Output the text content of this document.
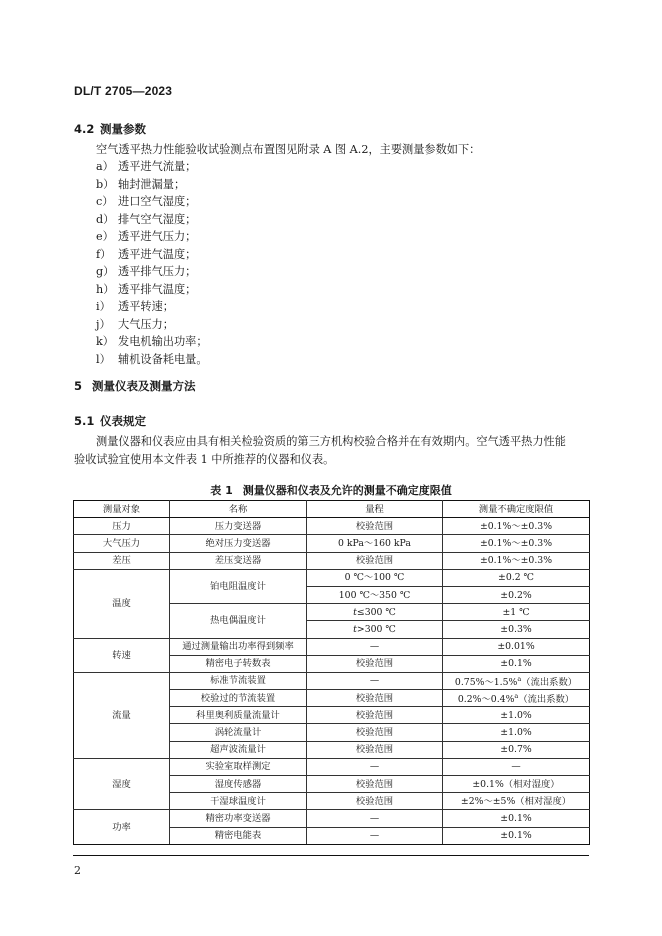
DL/T 2705—2023
4.2 测量参数
空气透平热力性能验收试验测点布置图见附录 A 图 A.2，主要测量参数如下：
a） 透平进气流量；
b） 轴封泄漏量；
c） 进口空气湿度；
d） 排气空气湿度；
e） 透平进气压力；
f） 透平进气温度；
g） 透平排气压力；
h） 透平排气温度；
i） 透平转速；
j） 大气压力；
k） 发电机输出功率；
l） 辅机设备耗电量。
5 测量仪表及测量方法
5.1 仪表规定
测量仪器和仪表应由具有相关检验资质的第三方机构校验合格并在有效期内。空气透平热力性能
验收试验宜使用本文件表 1 中所推荐的仪器和仪表。
表 1 测量仪器和仪表及允许的测量不确定度限值
测量对象	名称	量程	测量不确定度限值
压力	压力变送器	校验范围	±0.1%～±0.3%
大气压力	绝对压力变送器	0 kPa～160 kPa	±0.1%～±0.3%
差压	差压变送器	校验范围	±0.1%～±0.3%
温度	铂电阻温度计	0 ℃～100 ℃	±0.2 ℃
		100 ℃～350 ℃	±0.2%
	热电偶温度计	t≤300 ℃	±1 ℃
		t>300 ℃	±0.3%
转速	通过测量输出功率得到频率	—	±0.01%
	精密电子转数表	校验范围	±0.1%
流量	标准节流装置	—	0.75%～1.5%$^a$（流出系数）
	校验过的节流装置	校验范围	0.2%～0.4%$^a$（流出系数）
	科里奥利质量流量计	校验范围	±1.0%
	涡轮流量计	校验范围	±1.0%
	超声波流量计	校验范围	±0.7%
湿度	实验室取样测定	—	—
	湿度传感器	校验范围	±0.1%（相对湿度）
	干湿球温度计	校验范围	±2%～±5%（相对湿度）
功率	精密功率变送器	—	±0.1%
	精密电能表	—	±0.1%
2
